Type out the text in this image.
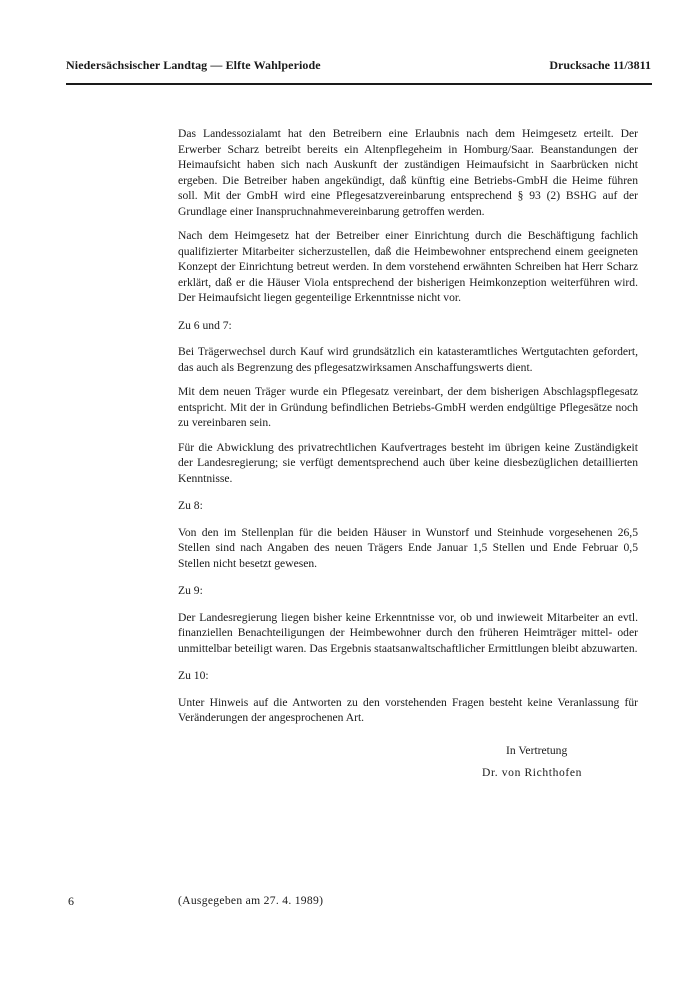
Niedersächsischer Landtag — Elfte Wahlperiode	Drucksache 11/3811

Das Landessozialamt hat den Betreibern eine Erlaubnis nach dem Heimgesetz erteilt. Der Erwerber Scharz betreibt bereits ein Altenpflegeheim in Homburg/Saar. Beanstandungen der Heimaufsicht haben sich nach Auskunft der zuständigen Heimaufsicht in Saarbrücken nicht ergeben. Die Betreiber haben angekündigt, daß künftig eine Betriebs-GmbH die Heime führen soll. Mit der GmbH wird eine Pflegesatzvereinbarung entsprechend § 93 (2) BSHG auf der Grundlage einer Inanspruchnahmevereinbarung getroffen werden.

Nach dem Heimgesetz hat der Betreiber einer Einrichtung durch die Beschäftigung fachlich qualifizierter Mitarbeiter sicherzustellen, daß die Heimbewohner entsprechend einem geeigneten Konzept der Einrichtung betreut werden. In dem vorstehend erwähnten Schreiben hat Herr Scharz erklärt, daß er die Häuser Viola entsprechend der bisherigen Heimkonzeption weiterführen wird. Der Heimaufsicht liegen gegenteilige Erkenntnisse nicht vor.

Zu 6 und 7:

Bei Trägerwechsel durch Kauf wird grundsätzlich ein katasteramtliches Wertgutachten gefordert, das auch als Begrenzung des pflegesatzwirksamen Anschaffungswerts dient.

Mit dem neuen Träger wurde ein Pflegesatz vereinbart, der dem bisherigen Abschlagspflegesatz entspricht. Mit der in Gründung befindlichen Betriebs-GmbH werden endgültige Pflegesätze noch zu vereinbaren sein.

Für die Abwicklung des privatrechtlichen Kaufvertrages besteht im übrigen keine Zuständigkeit der Landesregierung; sie verfügt dementsprechend auch über keine diesbezüglichen detaillierten Kenntnisse.

Zu 8:

Von den im Stellenplan für die beiden Häuser in Wunstorf und Steinhude vorgesehenen 26,5 Stellen sind nach Angaben des neuen Trägers Ende Januar 1,5 Stellen und Ende Februar 0,5 Stellen nicht besetzt gewesen.

Zu 9:

Der Landesregierung liegen bisher keine Erkenntnisse vor, ob und inwieweit Mitarbeiter an evtl. finanziellen Benachteiligungen der Heimbewohner durch den früheren Heimträger mittel- oder unmittelbar beteiligt waren. Das Ergebnis staatsanwaltschaftlicher Ermittlungen bleibt abzuwarten.

Zu 10:

Unter Hinweis auf die Antworten zu den vorstehenden Fragen besteht keine Veranlassung für Veränderungen der angesprochenen Art.

In Vertretung
Dr. von Richthofen
6	(Ausgegeben am 27. 4. 1989)
